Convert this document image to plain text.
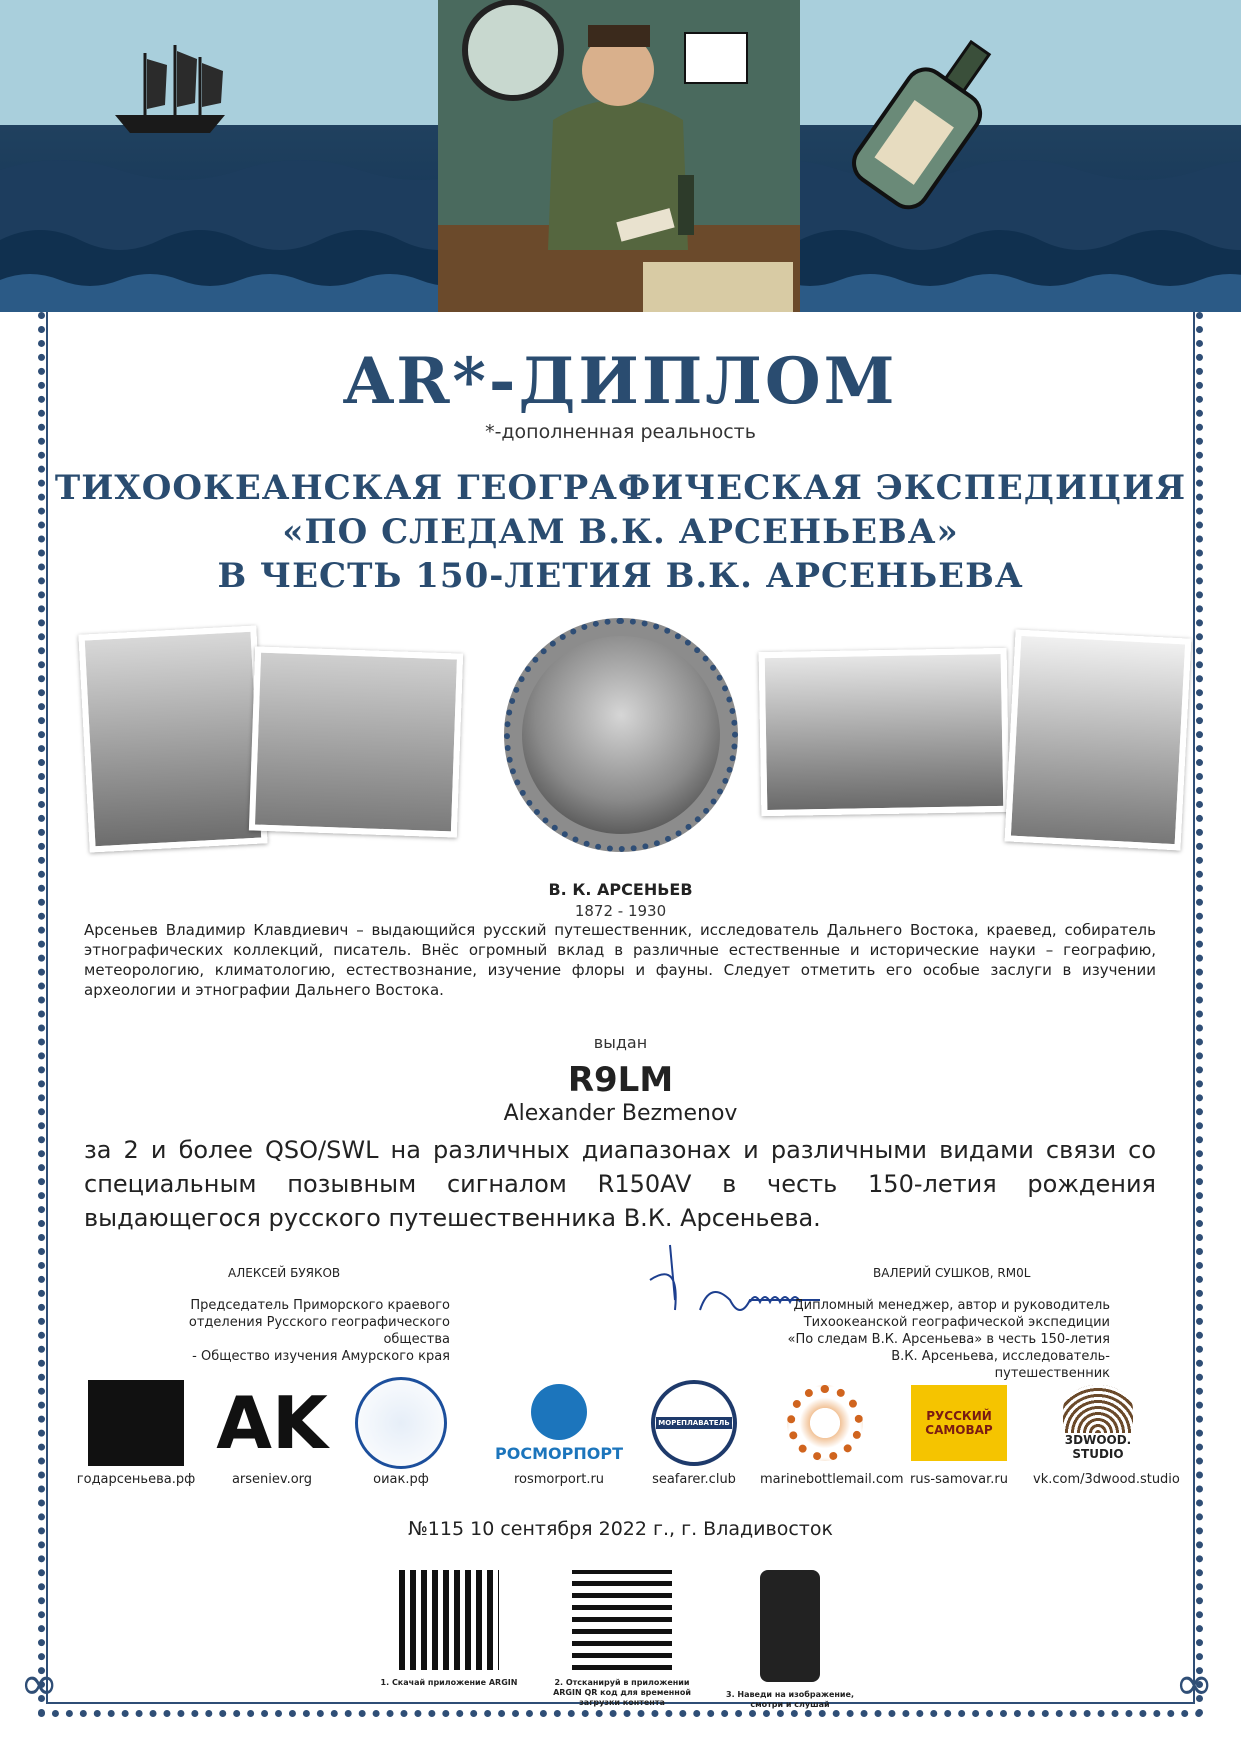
∞	∞
AR*-ДИПЛОМ
*-дополненная реальность
ТИХООКЕАНСКАЯ ГЕОГРАФИЧЕСКАЯ ЭКСПЕДИЦИЯ
«ПО СЛЕДАМ В.К. АРСЕНЬЕВА»
В ЧЕСТЬ 150-ЛЕТИЯ В.К. АРСЕНЬЕВА
В. К. АРСЕНЬЕВ
1872 - 1930
Арсеньев Владимир Клавдиевич – выдающийся русский путешественник, исследователь Дальнего Востока, краевед, собиратель этнографических коллекций, писатель. Внёс огромный вклад в различные естественные и исторические науки – географию, метеорологию, климатологию, естествознание, изучение флоры и фауны. Следует отметить его особые заслуги в изучении археологии и этнографии Дальнего Востока.
выдан
R9LM
Alexander Bezmenov
за 2 и более QSO/SWL на различных диапазонах и различными видами связи со специальным позывным сигналом R150AV в честь 150-летия рождения выдающегося русского путешественника В.К. Арсеньева.
АЛЕКСЕЙ БУЯКОВ
Председатель Приморского краевого
отделения Русского географического общества
- Общество изучения Амурского края
ВАЛЕРИЙ СУШКОВ, RM0L
Дипломный менеджер, автор и руководитель
Тихоокеанской географической экспедиции
«По следам В.К. Арсеньева» в честь 150-летия
В.К. Арсеньева, исследователь-путешественник
годарсеньева.рф
AK
arseniev.org	оиак.рф
РОСМОРПОРТ
rosmorport.ru
МОРЕПЛАВАТЕЛЬ
seafarer.club	marinebottlemail.com
РУССКИЙ САМОВАР
rus-samovar.ru
3DWOOD. STUDIO
vk.com/3dwood.studio
№115 10 сентября 2022 г., г. Владивосток
1. Скачай приложение ARGIN	2. Отсканируй в приложении ARGIN QR код для временной загрузки контента
3. Наведи на изображение, смотри и слушай
